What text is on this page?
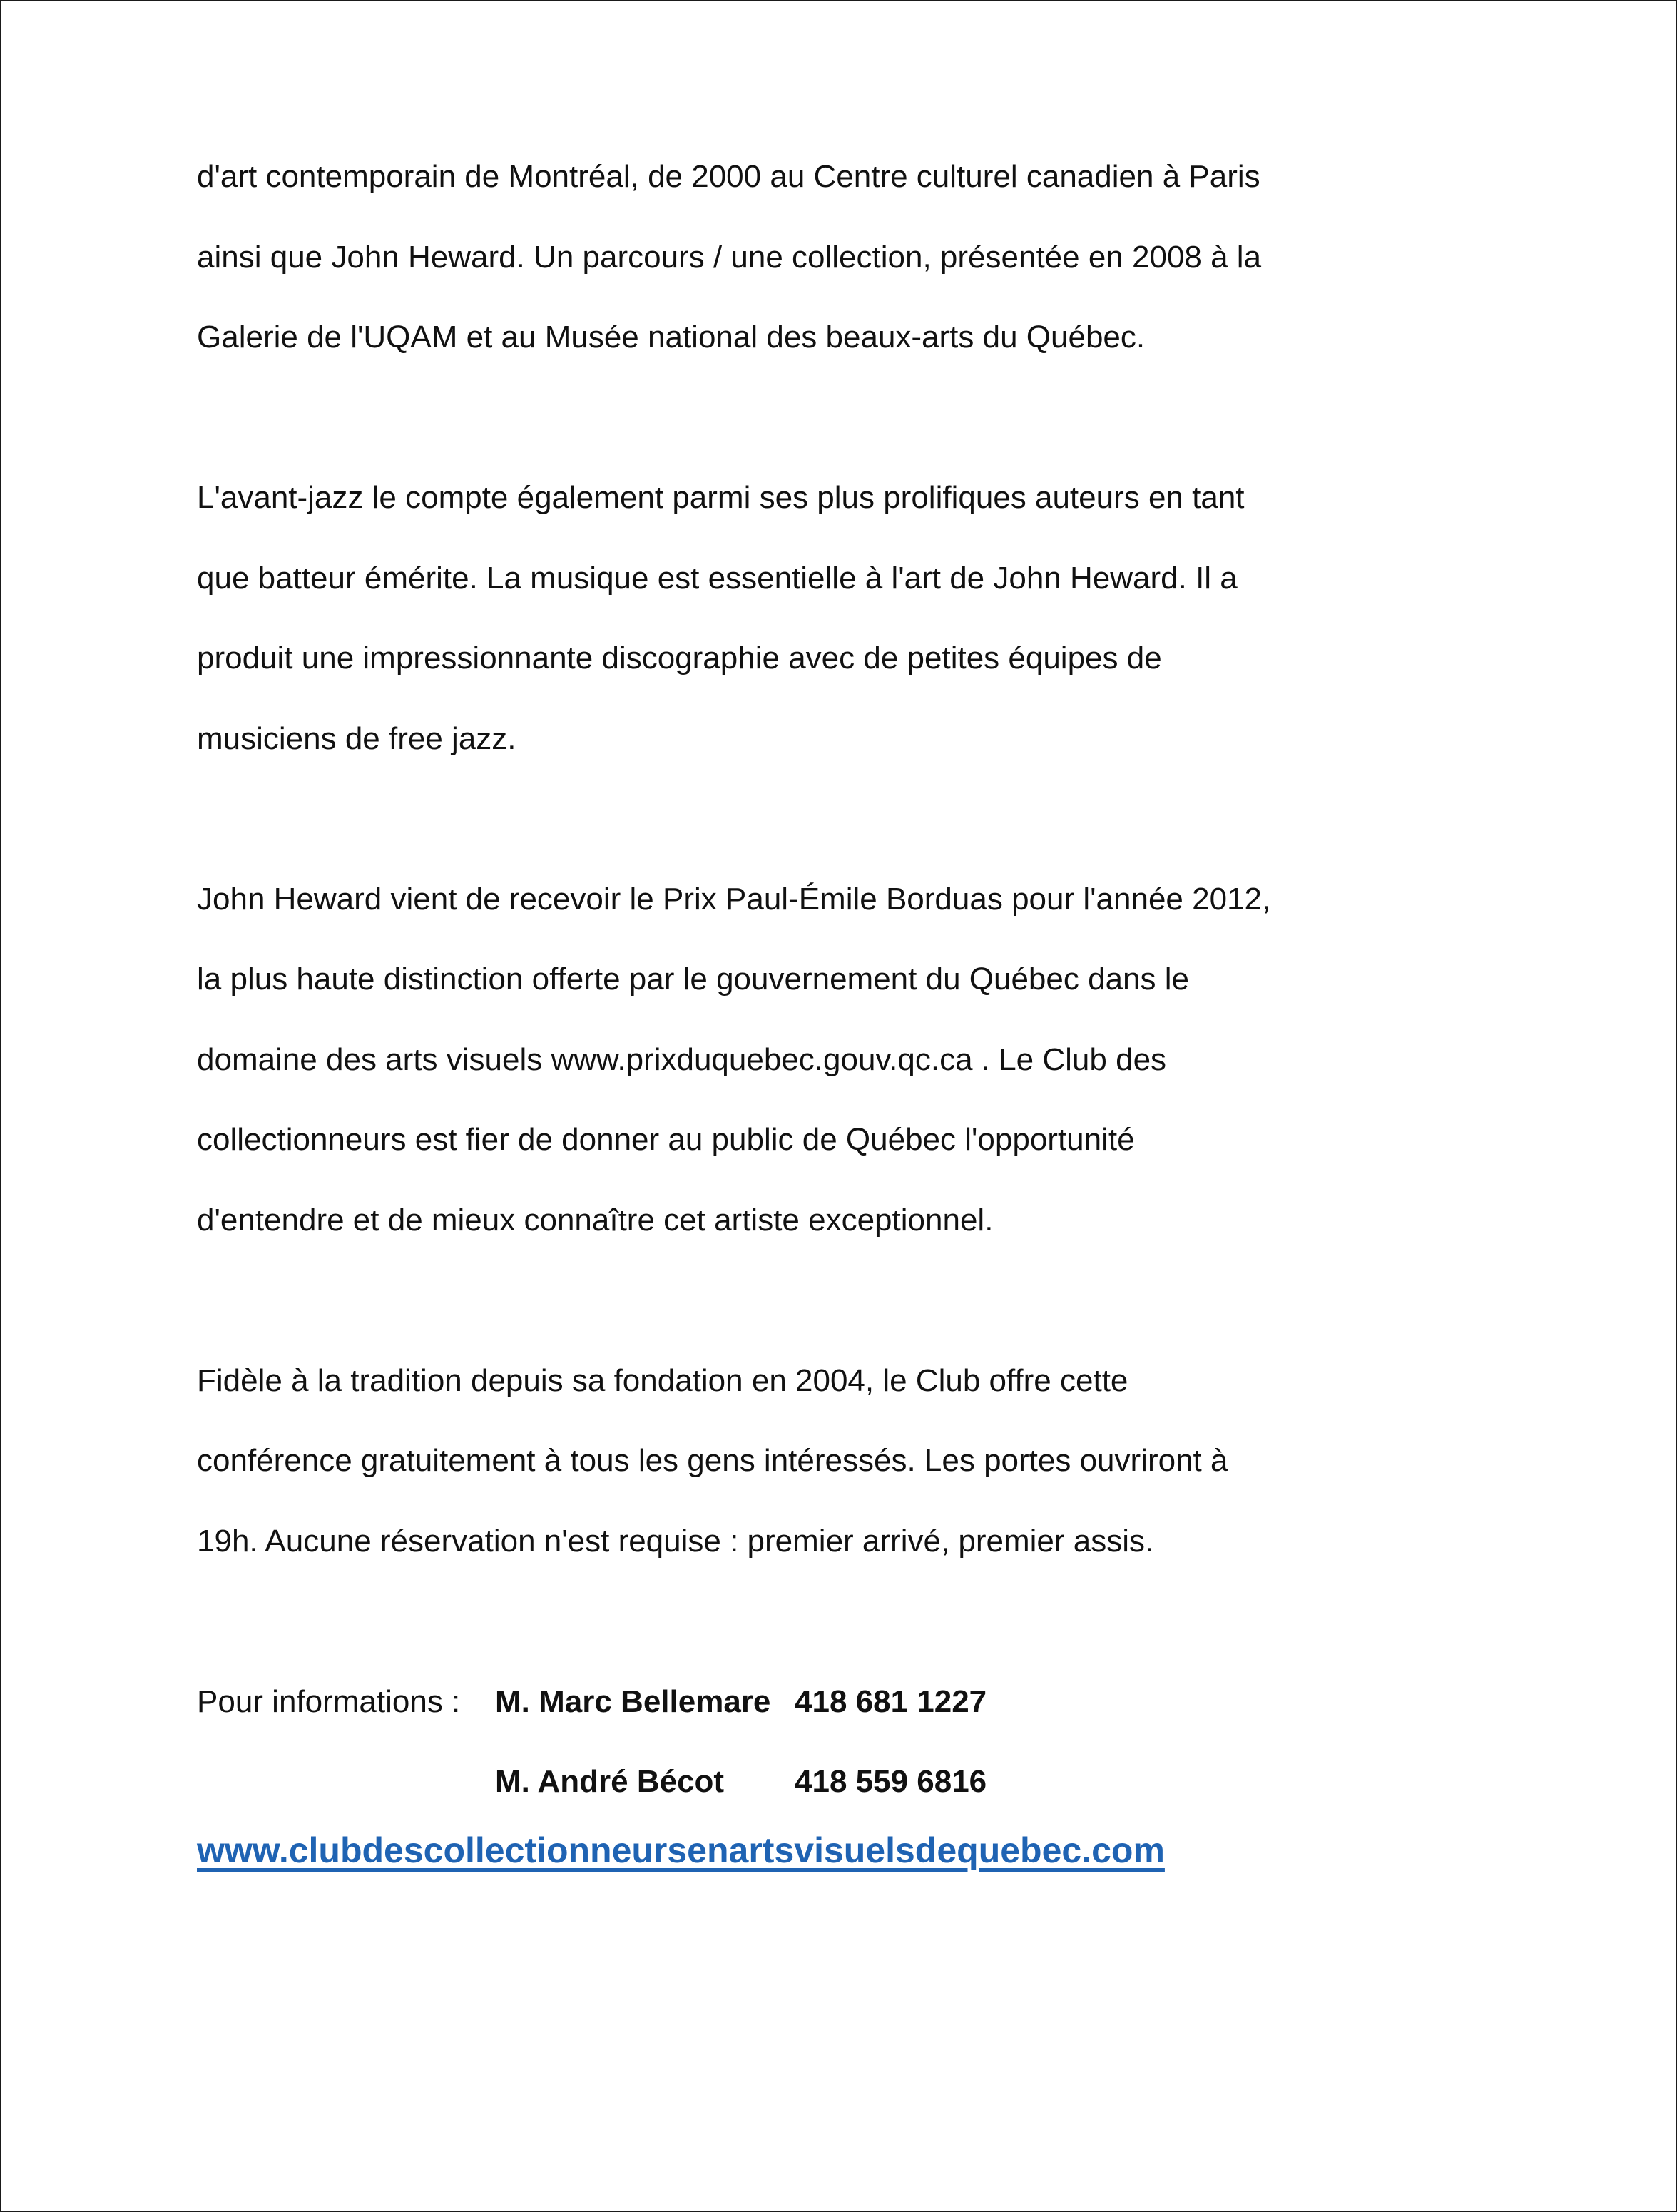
d'art contemporain de Montréal, de 2000 au Centre culturel canadien à Paris
ainsi que John Heward. Un parcours / une collection, présentée en 2008 à la
Galerie de l'UQAM et au Musée national des beaux-arts du Québec.
L'avant-jazz le compte également parmi ses plus prolifiques auteurs en tant
que batteur émérite. La musique est essentielle à l'art de John Heward. Il a
produit une impressionnante discographie avec de petites équipes de
musiciens de free jazz.
John Heward vient de recevoir le Prix Paul-Émile Borduas pour l'année 2012,
la plus haute distinction offerte par le gouvernement du Québec dans le
domaine des arts visuels www.prixduquebec.gouv.qc.ca . Le Club des
collectionneurs est fier de donner au public de Québec l'opportunité
d'entendre et de mieux connaître cet artiste exceptionnel.
Fidèle à la tradition depuis sa fondation en 2004, le Club offre cette
conférence gratuitement à tous les gens intéressés. Les portes ouvriront à
19h. Aucune réservation n'est requise : premier arrivé, premier assis.
Pour informations :	M. Marc Bellemare 418 681 1227
M. André Bécot	418 559 6816
www.clubdescollectionneursenartsvisuelsdequebec.com
